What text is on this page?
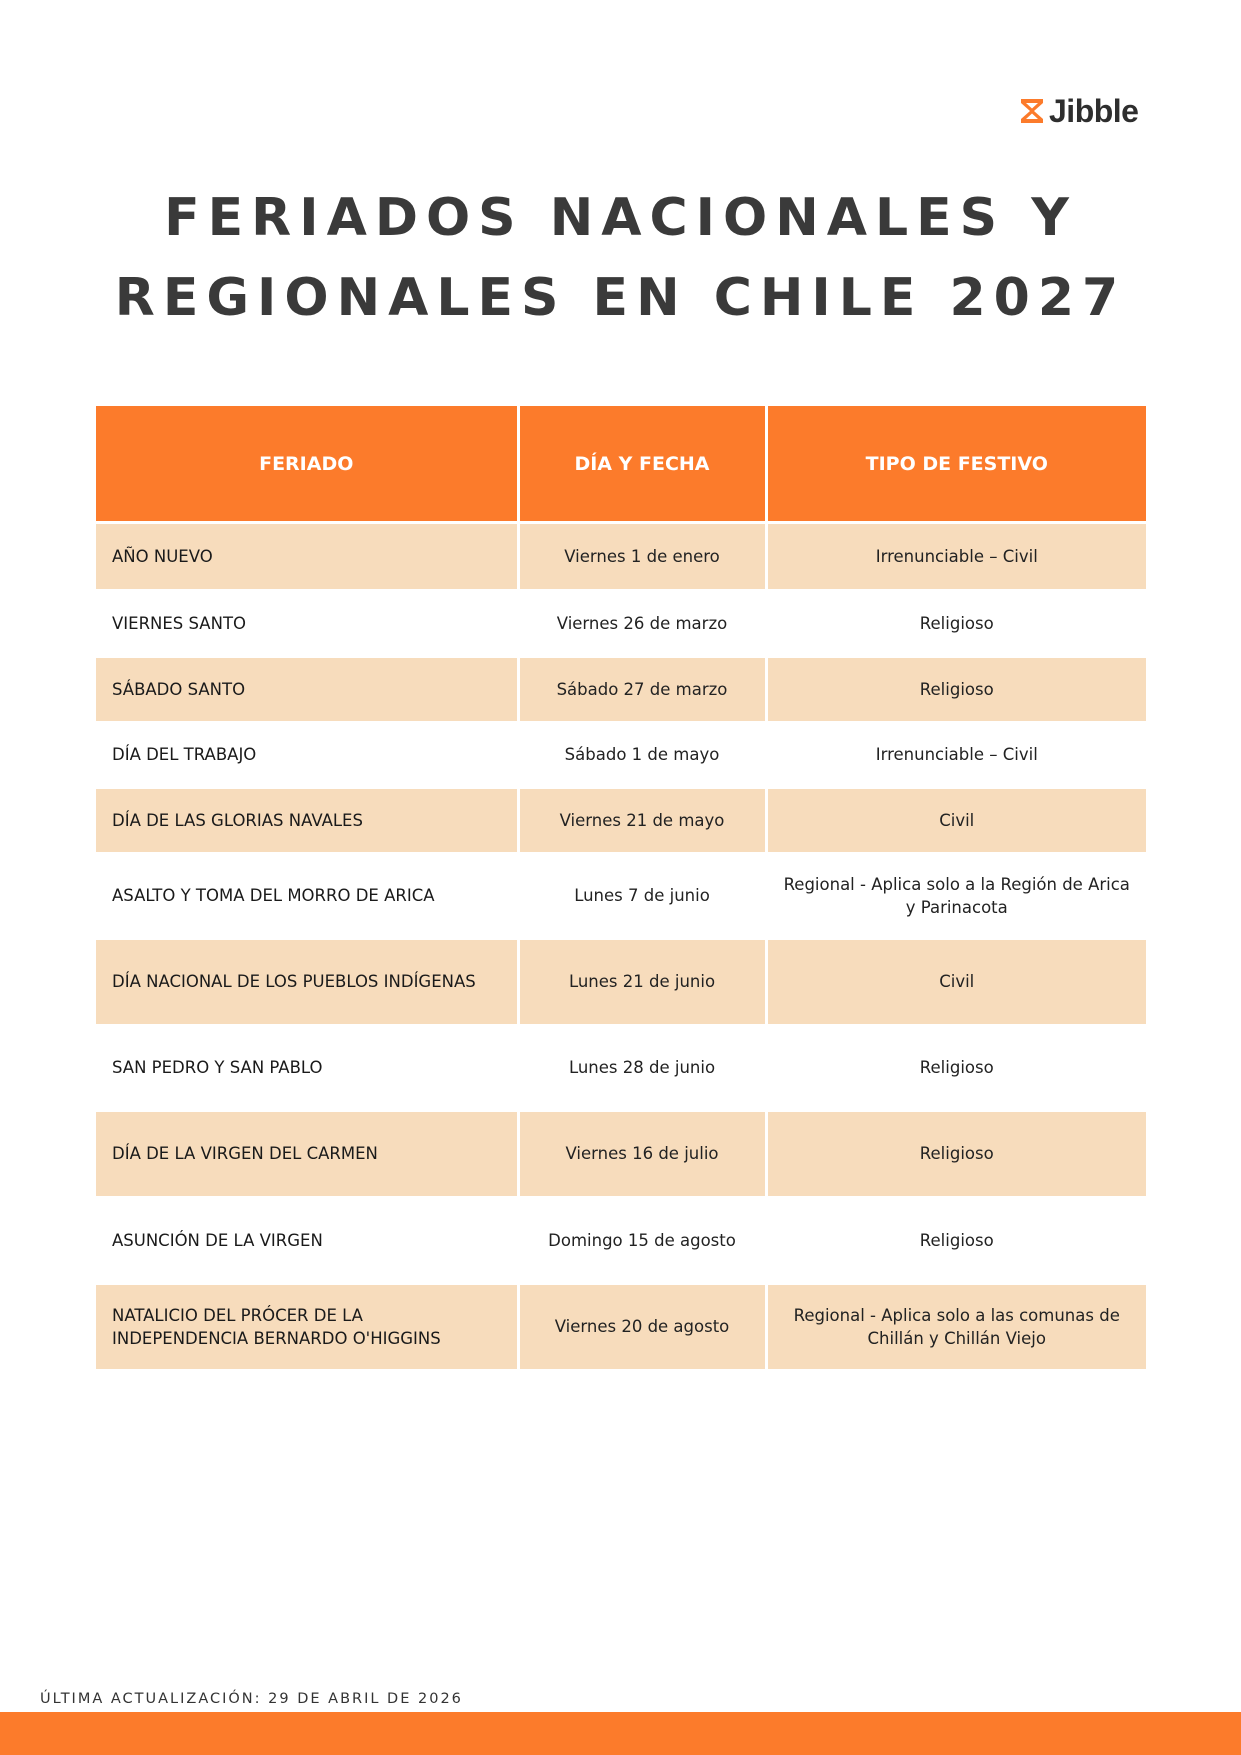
Jibble
FERIADOS NACIONALES Y
REGIONALES EN CHILE 2027
FERIADO	DÍA Y FECHA	TIPO DE FESTIVO
AÑO NUEVO	Viernes 1 de enero	Irrenunciable – Civil
VIERNES SANTO	Viernes 26 de marzo	Religioso
SÁBADO SANTO	Sábado 27 de marzo	Religioso
DÍA DEL TRABAJO	Sábado 1 de mayo	Irrenunciable – Civil
DÍA DE LAS GLORIAS NAVALES	Viernes 21 de mayo	Civil
ASALTO Y TOMA DEL MORRO DE ARICA	Lunes 7 de junio	Regional - Aplica solo a la Región de Arica y Parinacota
DÍA NACIONAL DE LOS PUEBLOS INDÍGENAS	Lunes 21 de junio	Civil
SAN PEDRO Y SAN PABLO	Lunes 28 de junio	Religioso
DÍA DE LA VIRGEN DEL CARMEN	Viernes 16 de julio	Religioso
ASUNCIÓN DE LA VIRGEN	Domingo 15 de agosto	Religioso
NATALICIO DEL PRÓCER DE LA INDEPENDENCIA BERNARDO O'HIGGINS	Viernes 20 de agosto	Regional - Aplica solo a las comunas de Chillán y Chillán Viejo
ÚLTIMA ACTUALIZACIÓN: 29 DE ABRIL DE 2026
